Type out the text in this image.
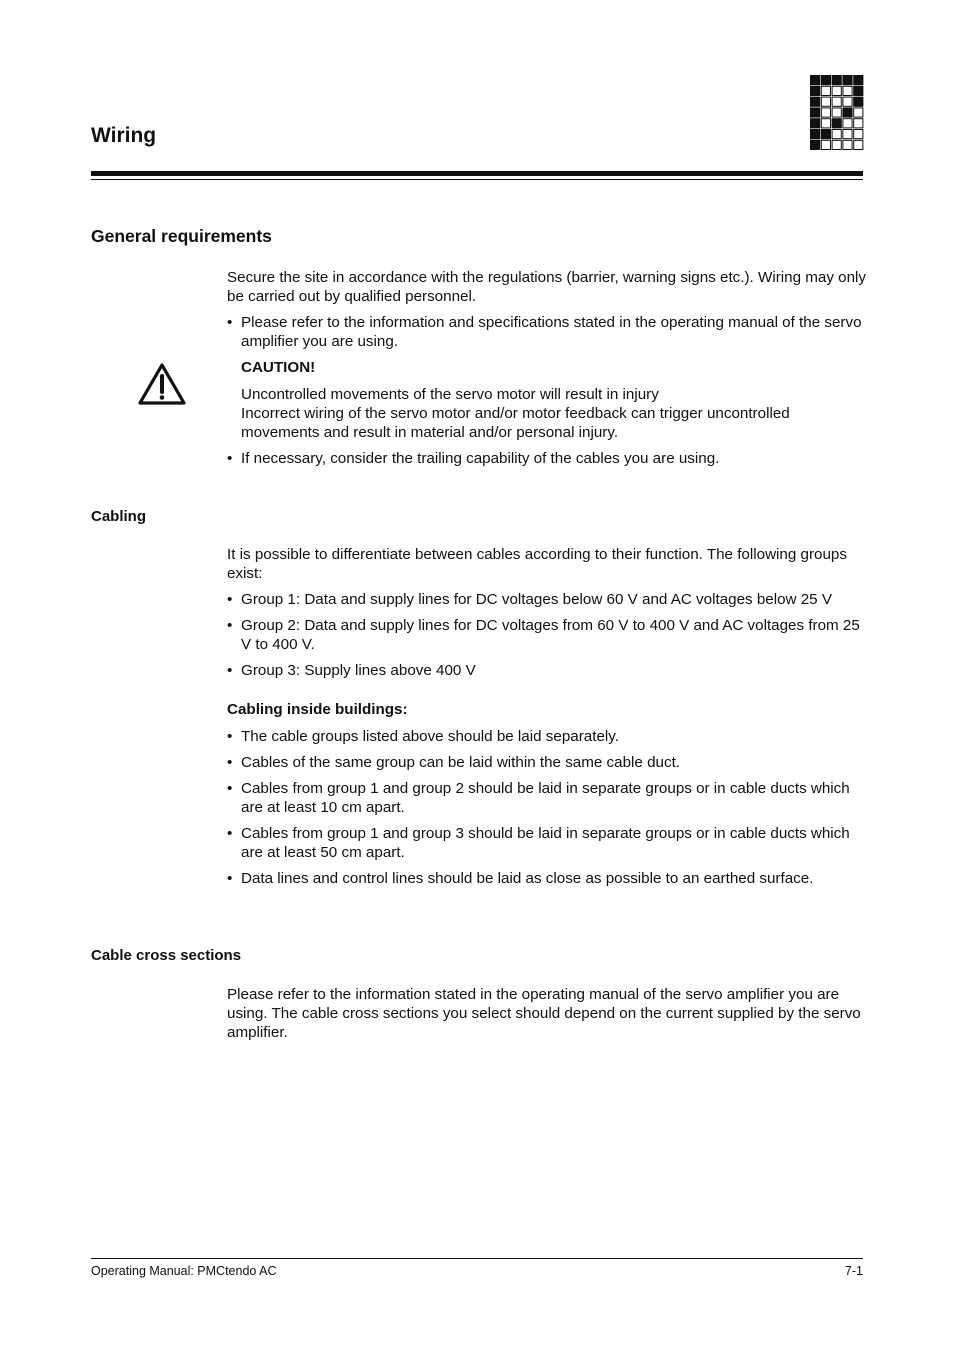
Wiring
General requirements

Secure the site in accordance with the regulations (barrier, warning signs etc.). Wiring may only be carried out by qualified personnel.

• Please refer to the information and specifications stated in the operating manual of the servo amplifier you are using.
CAUTION!
Uncontrolled movements of the servo motor will result in injury
Incorrect wiring of the servo motor and/or motor feedback can trigger uncontrolled movements and result in material and/or personal injury.
• If necessary, consider the trailing capability of the cables you are using.
Cabling

It is possible to differentiate between cables according to their function. The following groups exist:

• Group 1: Data and supply lines for DC voltages below 60 V and AC voltages below 25 V
• Group 2: Data and supply lines for DC voltages from 60 V to 400 V and AC voltages from 25 V to 400 V.
• Group 3: Supply lines above 400 V
Cabling inside buildings:
• The cable groups listed above should be laid separately.
• Cables of the same group can be laid within the same cable duct.
• Cables from group 1 and group 2 should be laid in separate groups or in cable ducts which are at least 10 cm apart.
• Cables from group 1 and group 3 should be laid in separate groups or in cable ducts which are at least 50 cm apart.
• Data lines and control lines should be laid as close as possible to an earthed surface.
Cable cross sections

Please refer to the information stated in the operating manual of the servo amplifier you are using. The cable cross sections you select should depend on the current supplied by the servo amplifier.

Operating Manual: PMCtendo AC	7-1
